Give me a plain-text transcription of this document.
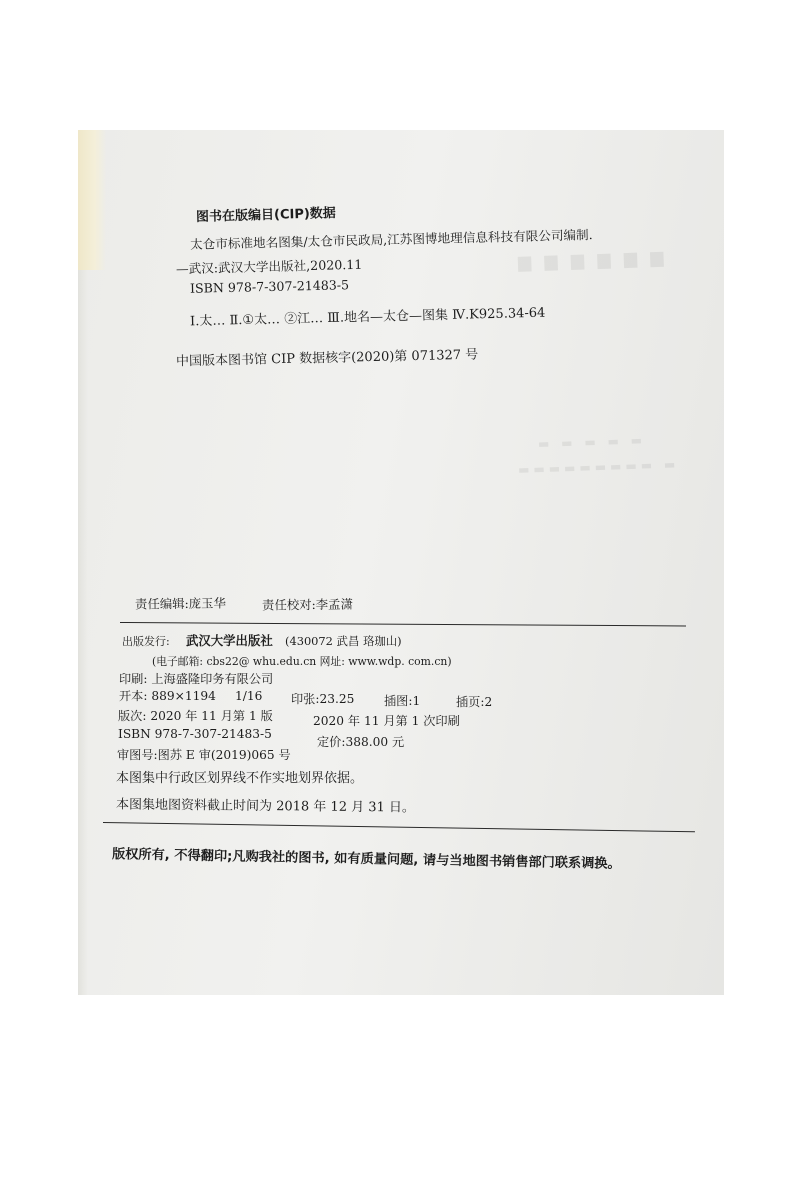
▆ ▆ ▆ ▆ ▆ ▆
▬ ▬ ▬ ▬ ▬
▬▬▬▬▬▬▬▬▬ ▬
图书在版编目(CIP)数据
太仓市标准地名图集/太仓市民政局,江苏图博地理信息科技有限公司编制.
—武汉:武汉大学出版社,2020.11
ISBN 978-7-307-21483-5
Ⅰ.太… Ⅱ.①太… ②江… Ⅲ.地名—太仓—图集 Ⅳ.K925.34-64
中国版本图书馆 CIP 数据核字(2020)第 071327 号
责任编辑:庞玉华	责任校对:李孟潇
出版发行: 武汉大学出版社 (430072 武昌 珞珈山)
(电子邮箱: cbs22@ whu.edu.cn 网址: www.wdp. com.cn)
印刷: 上海盛隆印务有限公司
开本: 889×1194 1/16 印张:23.25 插图:1	插页:2
版次: 2020 年 11 月第 1 版	2020 年 11 月第 1 次印刷
ISBN 978-7-307-21483-5
定价:388.00 元
审图号:图苏 E 审(2019)065 号
本图集中行政区划界线不作实地划界依据。
本图集地图资料截止时间为 2018 年 12 月 31 日。
版权所有, 不得翻印;凡购我社的图书, 如有质量问题, 请与当地图书销售部门联系调换。
